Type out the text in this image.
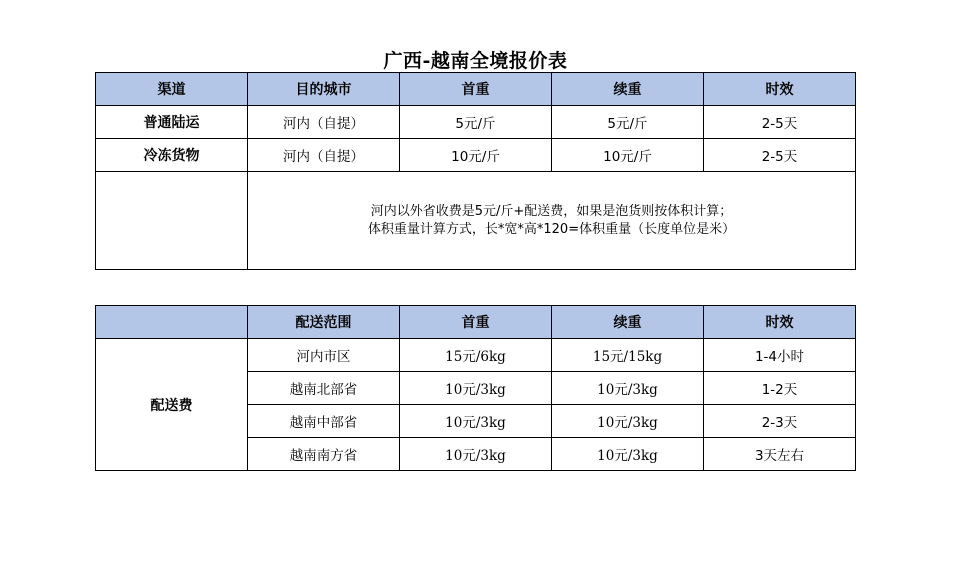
广西-越南全境报价表
渠道	目的城市	首重	续重	时效
普通陆运	河内（自提）	5元/斤	5元/斤	2-5天
冷冻货物	河内（自提）	10元/斤	10元/斤	2-5天

	河内以外省收费是5元/斤+配送费，如果是泡货则按体积计算；
体积重量计算方式，长*宽*高*120=体积重量（长度单位是米）			
	配送范围	首重	续重	时效
配送费	河内市区	15元/6kg	15元/15kg	1-4小时
	越南北部省	10元/3kg	10元/3kg	1-2天
	越南中部省	10元/3kg	10元/3kg	2-3天
	越南南方省	10元/3kg	10元/3kg	3天左右
